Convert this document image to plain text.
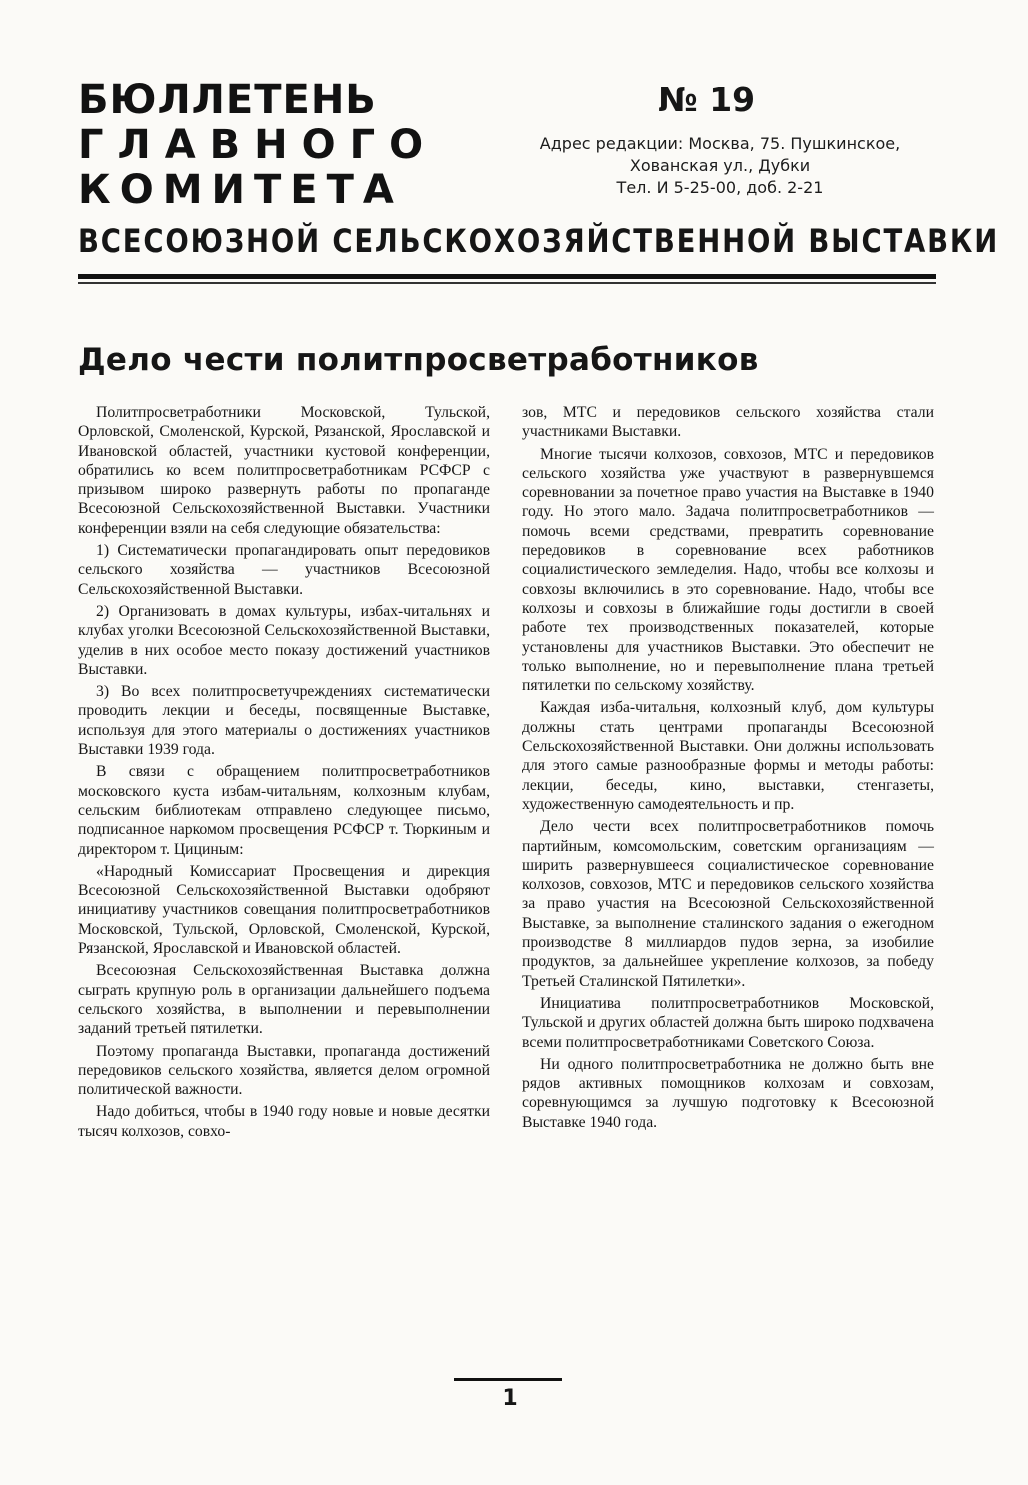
БЮЛЛЕТЕНЬ
ГЛАВНОГО
КОМИТЕТА
№ 19
Адрес редакции: Москва, 75. Пушкинское,
Хованская ул., Дубки
Тел. И 5-25-00, доб. 2-21
ВСЕСОЮЗНОЙ СЕЛЬСКОХОЗЯЙСТВЕННОЙ ВЫСТАВКИ
Дело чести политпросветработников

Политпросветработники Московской, Тульской, Орловской, Смоленской, Курской, Рязанской, Ярославской и Ивановской областей, участники кустовой конференции, обратились ко всем политпросветработникам РСФСР с призывом широко развернуть работы по пропаганде Всесоюзной Сельскохозяйственной Выставки. Участники конференции взяли на себя следующие обязательства:

1) Систематически пропагандировать опыт передовиков сельского хозяйства — участников Всесоюзной Сельскохозяйственной Выставки.

2) Организовать в домах культуры, избах-читальнях и клубах уголки Всесоюзной Сельскохозяйственной Выставки, уделив в них особое место показу достижений участников Выставки.

3) Во всех политпросветучреждениях систематически проводить лекции и беседы, посвященные Выставке, используя для этого материалы о достижениях участников Выставки 1939 года.

В связи с обращением политпросветработников московского куста избам-читальням, колхозным клубам, сельским библиотекам отправлено следующее письмо, подписанное наркомом просвещения РСФСР т. Тюркиным и директором т. Цициным:

«Народный Комиссариат Просвещения и дирекция Всесоюзной Сельскохозяйственной Выставки одобряют инициативу участников совещания политпросветработников Московской, Тульской, Орловской, Смоленской, Курской, Рязанской, Ярославской и Ивановской областей.

Всесоюзная Сельскохозяйственная Выставка должна сыграть крупную роль в организации дальнейшего подъема сельского хозяйства, в выполнении и перевыполнении заданий третьей пятилетки.

Поэтому пропаганда Выставки, пропаганда достижений передовиков сельского хозяйства, является делом огромной политической важности.

Надо добиться, чтобы в 1940 году новые и новые десятки тысяч колхозов, совхо-

зов, МТС и передовиков сельского хозяйства стали участниками Выставки.

Многие тысячи колхозов, совхозов, МТС и передовиков сельского хозяйства уже участвуют в развернувшемся соревновании за почетное право участия на Выставке в 1940 году. Но этого мало. Задача политпросветработников — помочь всеми средствами, превратить соревнование передовиков в соревнование всех работников социалистического земледелия. Надо, чтобы все колхозы и совхозы включились в это соревнование. Надо, чтобы все колхозы и совхозы в ближайшие годы достигли в своей работе тех производственных показателей, которые установлены для участников Выставки. Это обеспечит не только выполнение, но и перевыполнение плана третьей пятилетки по сельскому хозяйству.

Каждая изба-читальня, колхозный клуб, дом культуры должны стать центрами пропаганды Всесоюзной Сельскохозяйственной Выставки. Они должны использовать для этого самые разнообразные формы и методы работы: лекции, беседы, кино, выставки, стенгазеты, художественную самодеятельность и пр.

Дело чести всех политпросветработников помочь партийным, комсомольским, советским организациям — ширить развернувшееся социалистическое соревнование колхозов, совхозов, МТС и передовиков сельского хозяйства за право участия на Всесоюзной Сельскохозяйственной Выставке, за выполнение сталинского задания о ежегодном производстве 8 миллиардов пудов зерна, за изобилие продуктов, за дальнейшее укрепление колхозов, за победу Третьей Сталинской Пятилетки».

Инициатива политпросветработников Московской, Тульской и других областей должна быть широко подхвачена всеми политпросветработниками Советского Союза.

Ни одного политпросветработника не должно быть вне рядов активных помощников колхозам и совхозам, соревнующимся за лучшую подготовку к Всесоюзной Выставке 1940 года.

1
